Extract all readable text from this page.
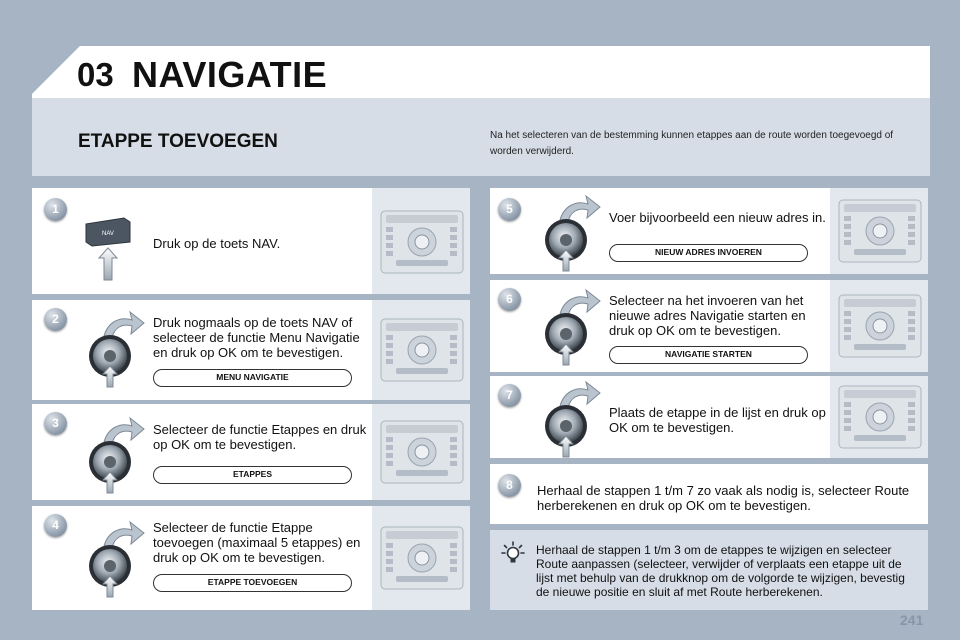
03 NAVIGATIE
ETAPPE TOEVOEGEN	Na het selecteren van de bestemming kunnen etappes aan de route worden toegevoegd of worden verwijderd.
1
NAV
Druk op de toets NAV.
2	Druk nogmaals op de toets NAV of selecteer de functie Menu Navigatie en druk op OK om te bevestigen.
MENU NAVIGATIE
3	Selecteer de functie Etappes en druk op OK om te bevestigen.
ETAPPES
4	Selecteer de functie Etappe toevoegen (maximaal 5 etappes) en druk op OK om te bevestigen.
ETAPPE TOEVOEGEN
5
Voer bijvoorbeeld een nieuw adres in.
NIEUW ADRES INVOEREN
6	Selecteer na het invoeren van het nieuwe adres Navigatie starten en druk op OK om te bevestigen.
NAVIGATIE STARTEN
7
Plaats de etappe in de lijst en druk op OK om te bevestigen.
8	Herhaal de stappen 1 t/m 7 zo vaak als nodig is, selecteer Route herberekenen en druk op OK om te bevestigen.
Herhaal de stappen 1 t/m 3 om de etappes te wijzigen en selecteer Route aanpassen (selecteer, verwijder of verplaats een etappe uit de lijst met behulp van de drukknop om de volgorde te wijzigen, bevestig de nieuwe positie en sluit af met Route herberekenen.
241
